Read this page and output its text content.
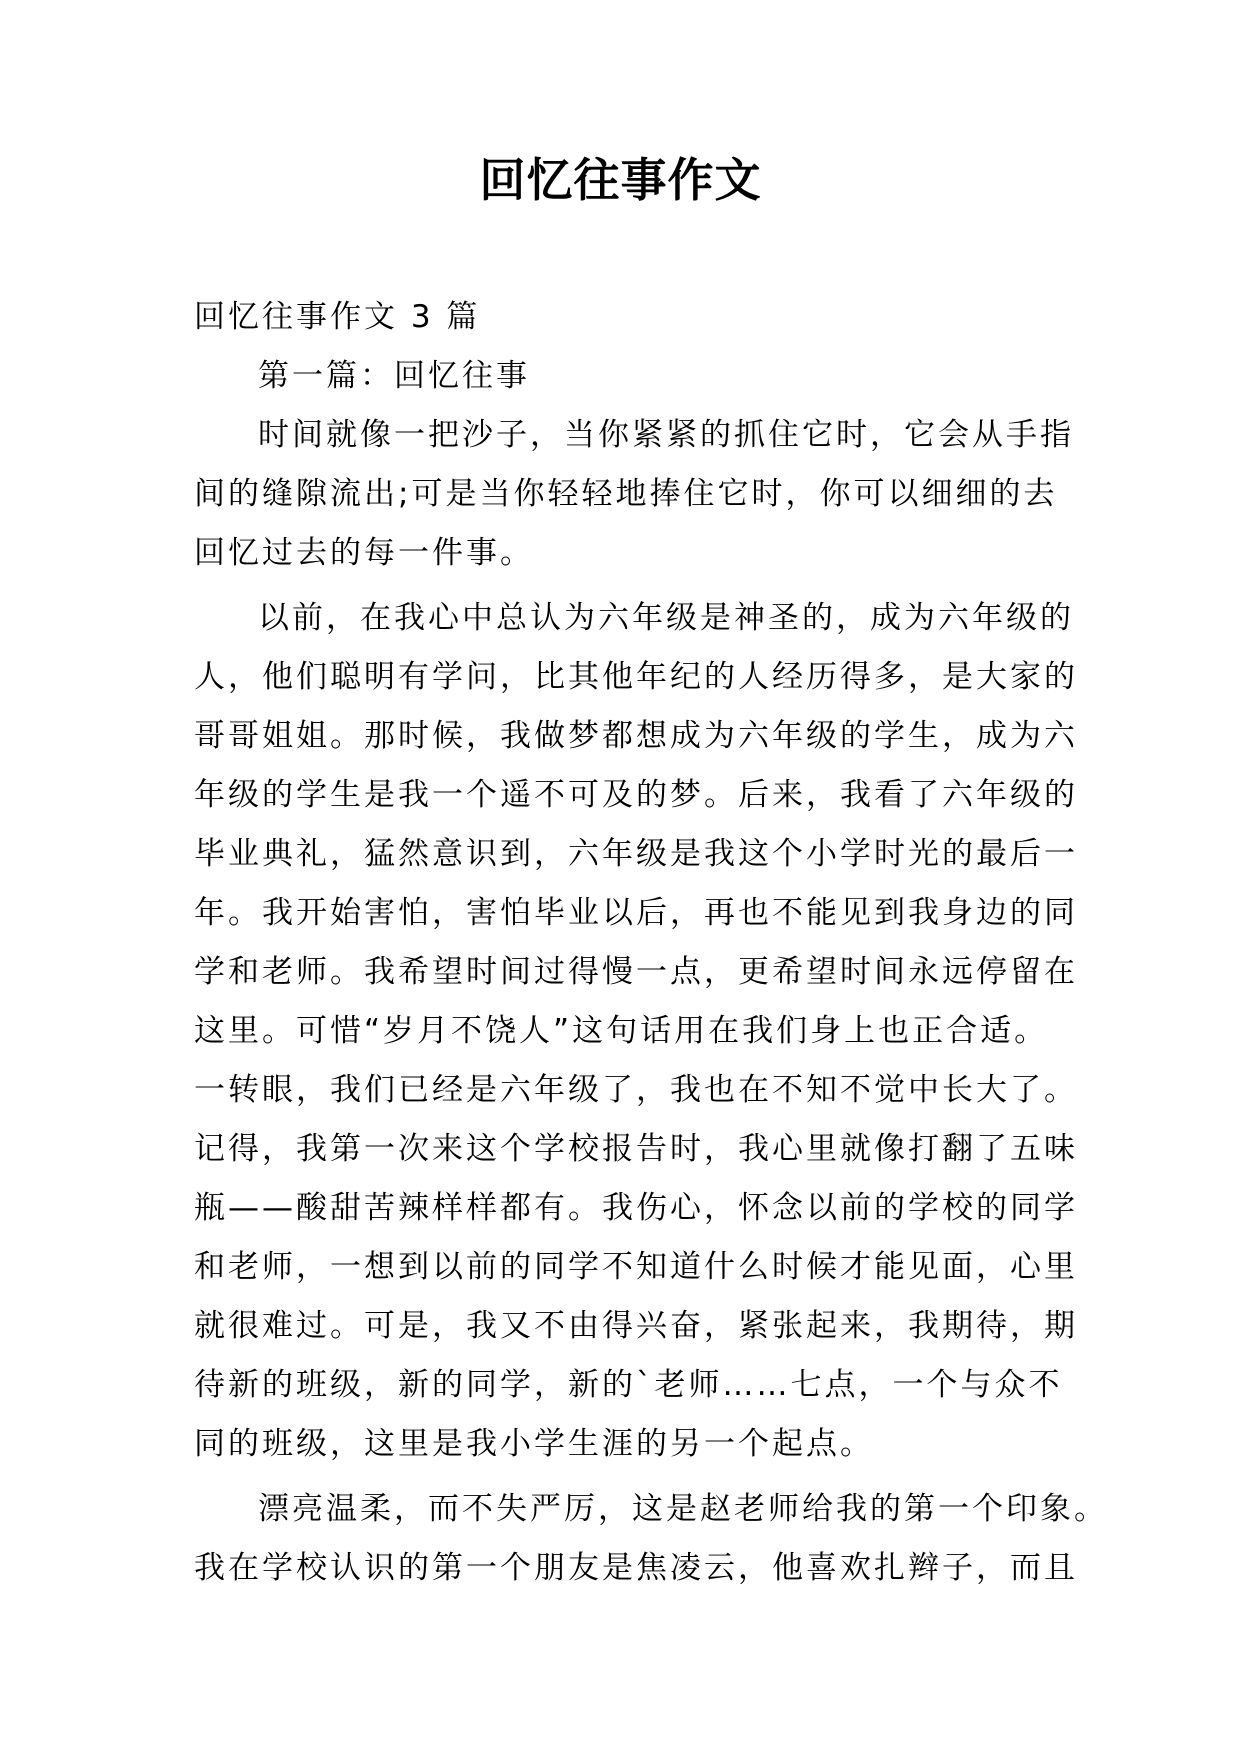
回忆往事作文
回忆往事作文 3 篇
第一篇：回忆往事
时间就像一把沙子，当你紧紧的抓住它时，它会从手指
间的缝隙流出;可是当你轻轻地捧住它时，你可以细细的去
回忆过去的每一件事。
以前，在我心中总认为六年级是神圣的，成为六年级的
人，他们聪明有学问，比其他年纪的人经历得多，是大家的
哥哥姐姐。那时候，我做梦都想成为六年级的学生，成为六
年级的学生是我一个遥不可及的梦。后来，我看了六年级的
毕业典礼，猛然意识到，六年级是我这个小学时光的最后一
年。我开始害怕，害怕毕业以后，再也不能见到我身边的同
学和老师。我希望时间过得慢一点，更希望时间永远停留在
这里。可惜“岁月不饶人”这句话用在我们身上也正合适。
一转眼，我们已经是六年级了，我也在不知不觉中长大了。
记得，我第一次来这个学校报告时，我心里就像打翻了五味
瓶——酸甜苦辣样样都有。我伤心，怀念以前的学校的同学
和老师，一想到以前的同学不知道什么时候才能见面，心里
就很难过。可是，我又不由得兴奋，紧张起来，我期待，期
待新的班级，新的同学，新的`老师……七点，一个与众不
同的班级，这里是我小学生涯的另一个起点。
漂亮温柔，而不失严厉，这是赵老师给我的第一个印象。
我在学校认识的第一个朋友是焦凌云，他喜欢扎辫子，而且
